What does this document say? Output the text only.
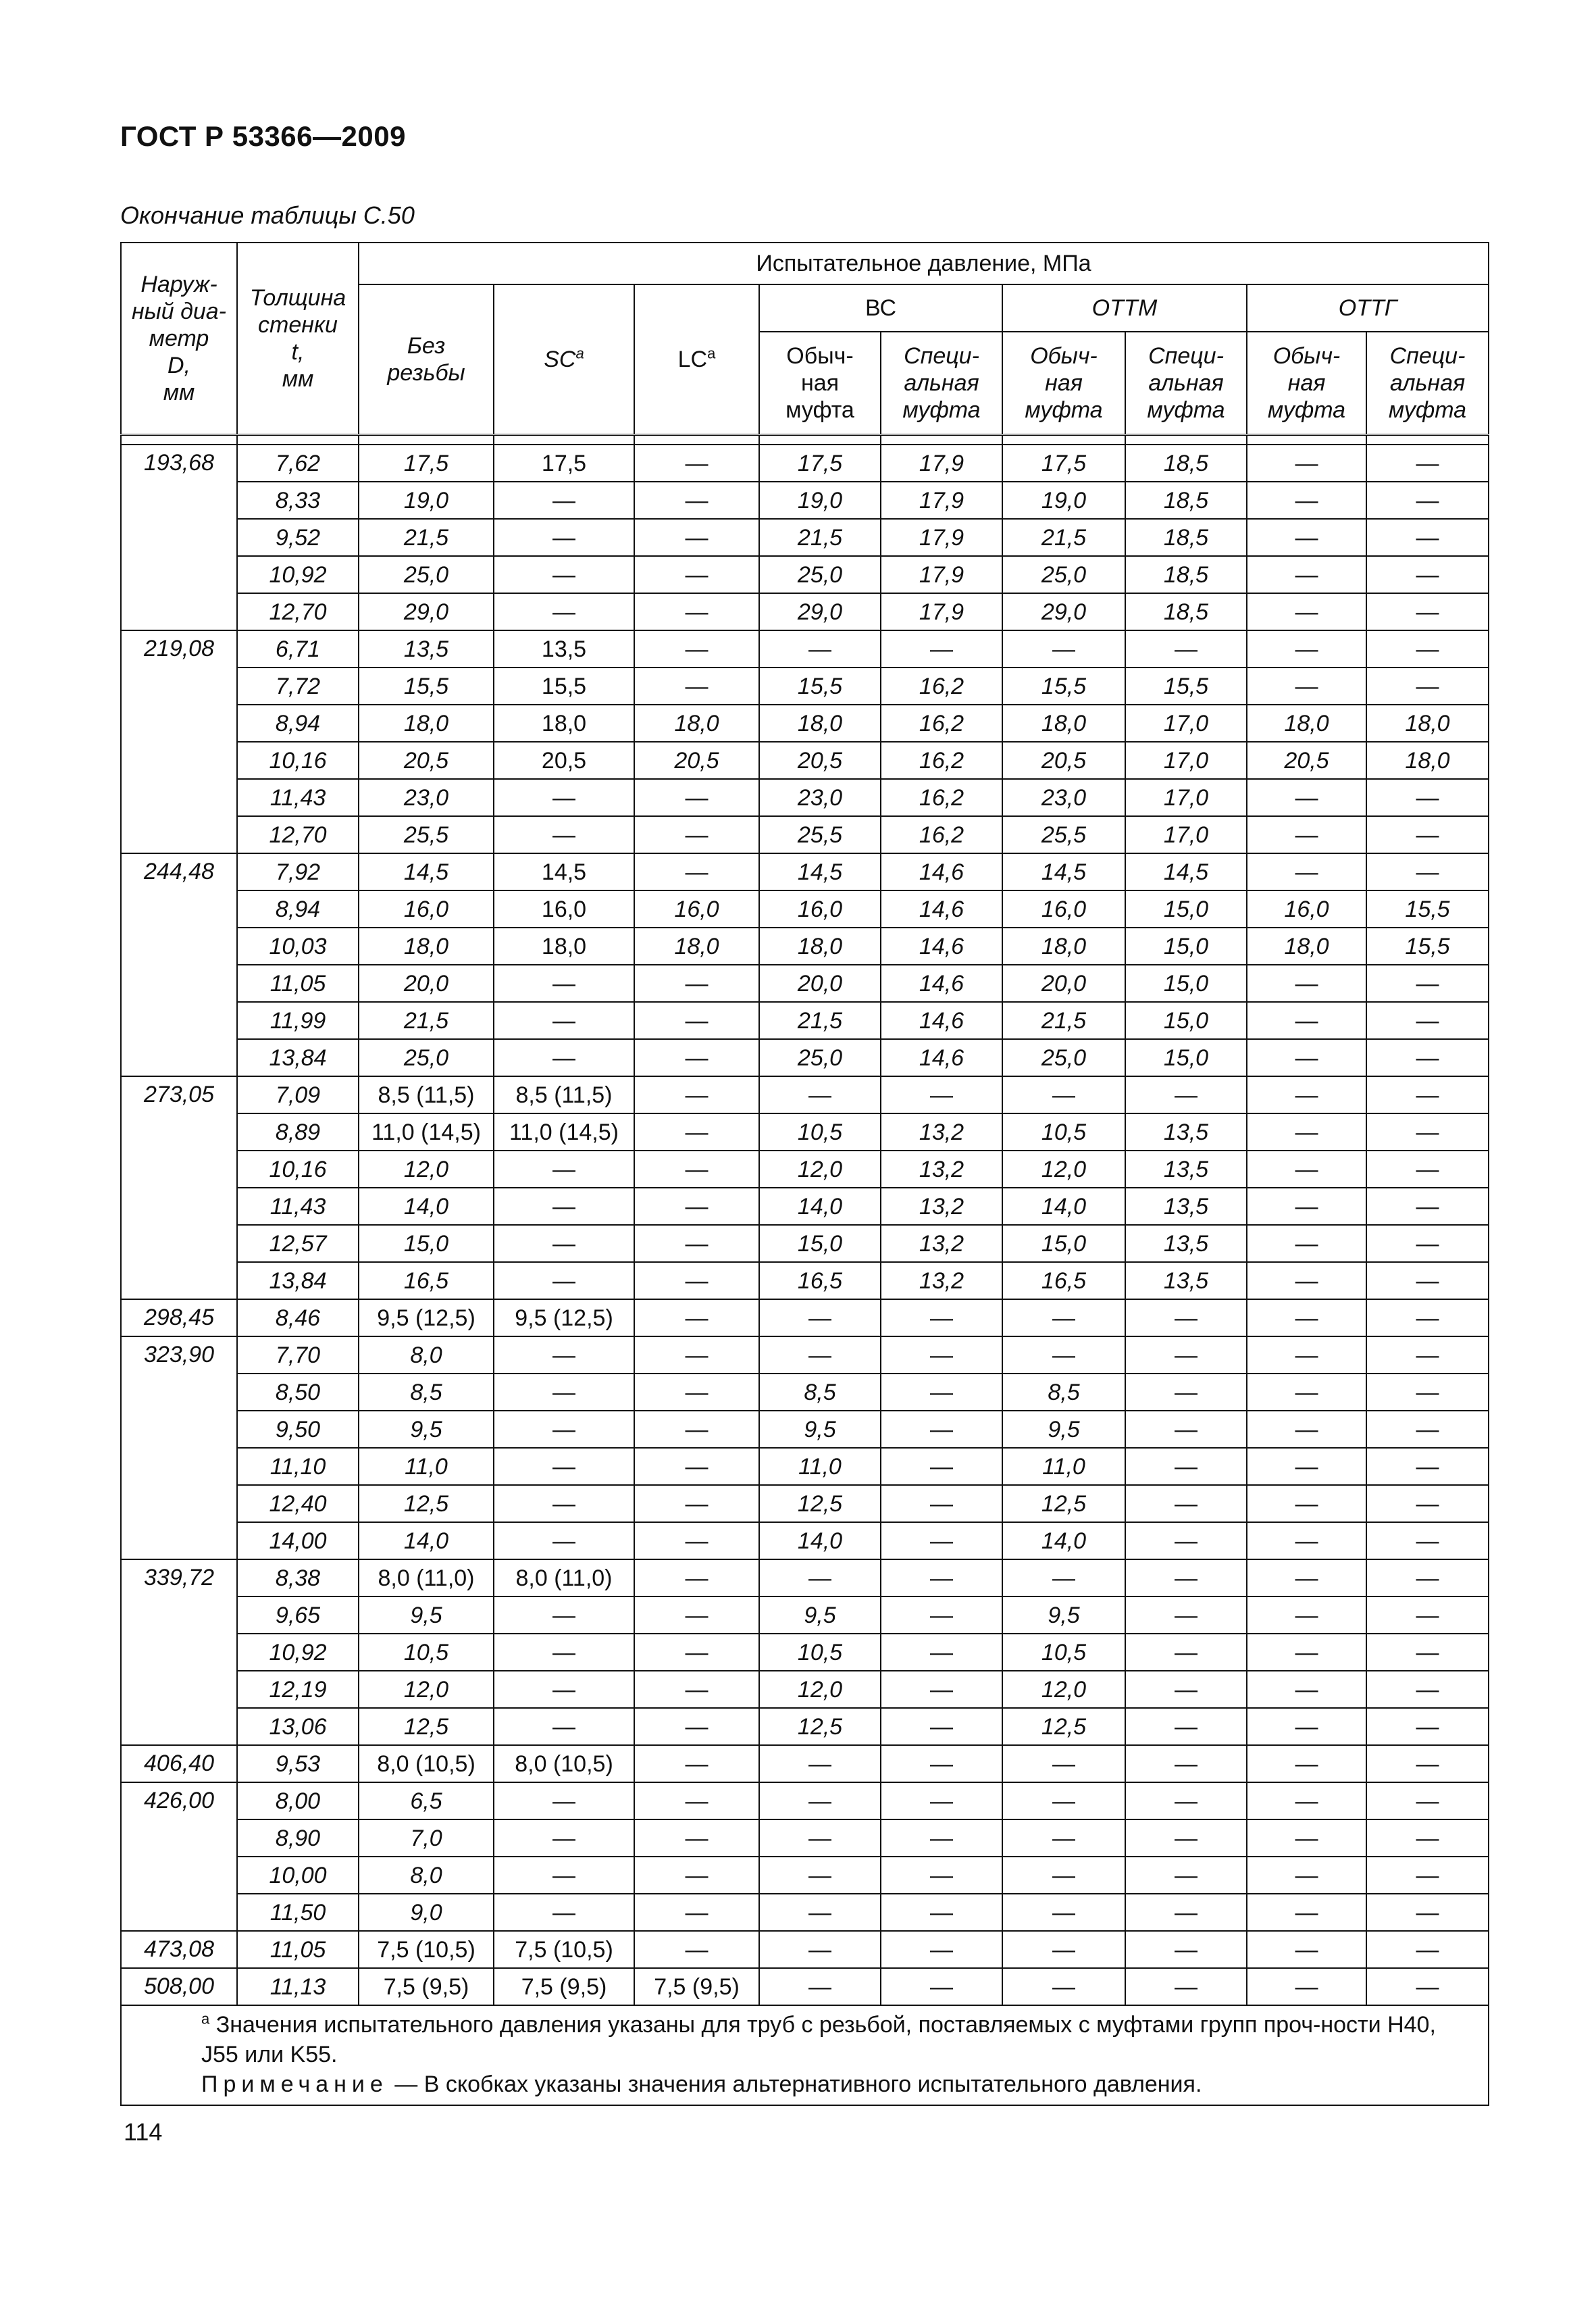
ГОСТ Р 53366—2009
Окончание таблицы С.50
Наруж-
ный диа-
метр
D,
мм	Толщина
стенки
t,
мм	Испытательное давление, МПа								
		Без
резьбы	$SC^a$	$LC^a$	ВС		ОТТМ		ОТТГ	
					Обыч-
ная
муфта	Специ-
альная
муфта	Обыч-
ная
муфта	Специ-
альная
муфта	Обыч-
ная
муфта	Специ-
альная
муфта

193,68	7,62	17,5	17,5	—	17,5	17,9	17,5	18,5	—	—
	8,33	19,0	—	—	19,0	17,9	19,0	18,5	—	—
	9,52	21,5	—	—	21,5	17,9	21,5	18,5	—	—
	10,92	25,0	—	—	25,0	17,9	25,0	18,5	—	—
	12,70	29,0	—	—	29,0	17,9	29,0	18,5	—	—
219,08	6,71	13,5	13,5	—	—	—	—	—	—	—
	7,72	15,5	15,5	—	15,5	16,2	15,5	15,5	—	—
	8,94	18,0	18,0	18,0	18,0	16,2	18,0	17,0	18,0	18,0
	10,16	20,5	20,5	20,5	20,5	16,2	20,5	17,0	20,5	18,0
	11,43	23,0	—	—	23,0	16,2	23,0	17,0	—	—
	12,70	25,5	—	—	25,5	16,2	25,5	17,0	—	—
244,48	7,92	14,5	14,5	—	14,5	14,6	14,5	14,5	—	—
	8,94	16,0	16,0	16,0	16,0	14,6	16,0	15,0	16,0	15,5
	10,03	18,0	18,0	18,0	18,0	14,6	18,0	15,0	18,0	15,5
	11,05	20,0	—	—	20,0	14,6	20,0	15,0	—	—
	11,99	21,5	—	—	21,5	14,6	21,5	15,0	—	—
	13,84	25,0	—	—	25,0	14,6	25,0	15,0	—	—
273,05	7,09	8,5 (11,5)	8,5 (11,5)	—	—	—	—	—	—	—
	8,89	11,0 (14,5)	11,0 (14,5)	—	10,5	13,2	10,5	13,5	—	—
	10,16	12,0	—	—	12,0	13,2	12,0	13,5	—	—
	11,43	14,0	—	—	14,0	13,2	14,0	13,5	—	—
	12,57	15,0	—	—	15,0	13,2	15,0	13,5	—	—
	13,84	16,5	—	—	16,5	13,2	16,5	13,5	—	—
298,45	8,46	9,5 (12,5)	9,5 (12,5)	—	—	—	—	—	—	—
323,90	7,70	8,0	—	—	—	—	—	—	—	—
	8,50	8,5	—	—	8,5	—	8,5	—	—	—
	9,50	9,5	—	—	9,5	—	9,5	—	—	—
	11,10	11,0	—	—	11,0	—	11,0	—	—	—
	12,40	12,5	—	—	12,5	—	12,5	—	—	—
	14,00	14,0	—	—	14,0	—	14,0	—	—	—
339,72	8,38	8,0 (11,0)	8,0 (11,0)	—	—	—	—	—	—	—
	9,65	9,5	—	—	9,5	—	9,5	—	—	—
	10,92	10,5	—	—	10,5	—	10,5	—	—	—
	12,19	12,0	—	—	12,0	—	12,0	—	—	—
	13,06	12,5	—	—	12,5	—	12,5	—	—	—
406,40	9,53	8,0 (10,5)	8,0 (10,5)	—	—	—	—	—	—	—
426,00	8,00	6,5	—	—	—	—	—	—	—	—
	8,90	7,0	—	—	—	—	—	—	—	—
	10,00	8,0	—	—	—	—	—	—	—	—
	11,50	9,0	—	—	—	—	—	—	—	—
473,08	11,05	7,5 (10,5)	7,5 (10,5)	—	—	—	—	—	—	—
508,00	11,13	7,5 (9,5)	7,5 (9,5)	7,5 (9,5)	—	—	—	—	—	—

$^a$ Значения испытательного давления указаны для труб с резьбой, поставляемых с муфтами групп проч-ности Н40, J55 или K55.
Примечание — В скобках указаны значения альтернативного испытательного давления.										
114
